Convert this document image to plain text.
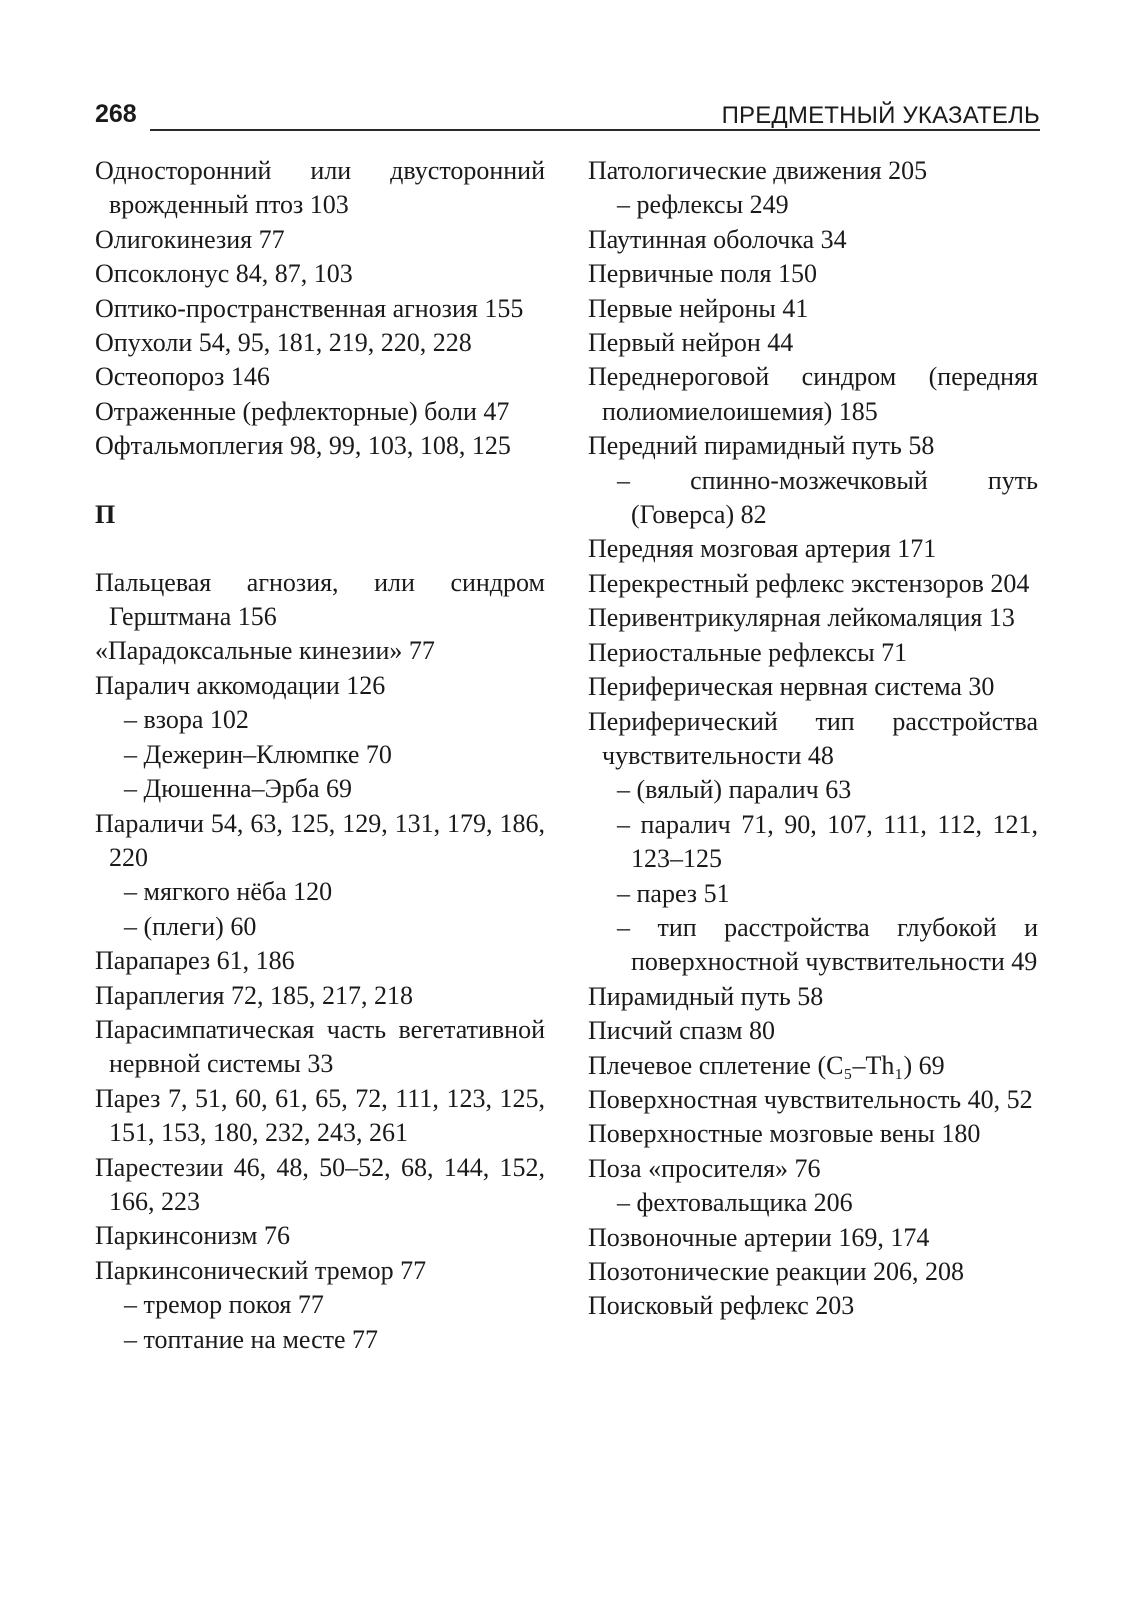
268	ПРЕДМЕТНЫЙ УКАЗАТЕЛЬ
Односторонний или двусторонний врожденный птоз 103
Олигокинезия 77
Опсоклонус 84, 87, 103
Оптико-пространственная агнозия 155
Опухоли 54, 95, 181, 219, 220, 228
Остеопороз 146
Отраженные (рефлекторные) боли 47
Офтальмоплегия 98, 99, 103, 108, 125
П
Пальцевая агнозия, или синдром Герштмана 156
«Парадоксальные кинезии» 77
Паралич аккомодации 126
– взора 102
– Дежерин–Клюмпке 70
– Дюшенна–Эрба 69
Параличи 54, 63, 125, 129, 131, 179, 186, 220
– мягкого нёба 120
– (плеги) 60
Парапарез 61, 186
Параплегия 72, 185, 217, 218
Парасимпатическая часть вегетативной нервной системы 33
Парез 7, 51, 60, 61, 65, 72, 111, 123, 125, 151, 153, 180, 232, 243, 261
Парестезии 46, 48, 50–52, 68, 144, 152, 166, 223
Паркинсонизм 76
Паркинсонический тремор 77
– тремор покоя 77
– топтание на месте 77
Патологические движения 205
– рефлексы 249
Паутинная оболочка 34
Первичные поля 150
Первые нейроны 41
Первый нейрон 44
Переднероговой синдром (передняя полиомиелоишемия) 185
Передний пирамидный путь 58
– спинно-мозжечковый путь (Говерса) 82
Передняя мозговая артерия 171
Перекрестный рефлекс экстензоров 204
Перивентрикулярная лейкомаляция 13
Периостальные рефлексы 71
Периферическая нервная система 30
Периферический тип расстройства чувствительности 48
– (вялый) паралич 63
– паралич 71, 90, 107, 111, 112, 121, 123–125
– парез 51
– тип расстройства глубокой и поверхностной чувствительности 49
Пирамидный путь 58
Писчий спазм 80
Плечевое сплетение (C₅–Th₁) 69
Поверхностная чувствительность 40, 52
Поверхностные мозговые вены 180
Поза «просителя» 76
– фехтовальщика 206
Позвоночные артерии 169, 174
Позотонические реакции 206, 208
Поисковый рефлекс 203
